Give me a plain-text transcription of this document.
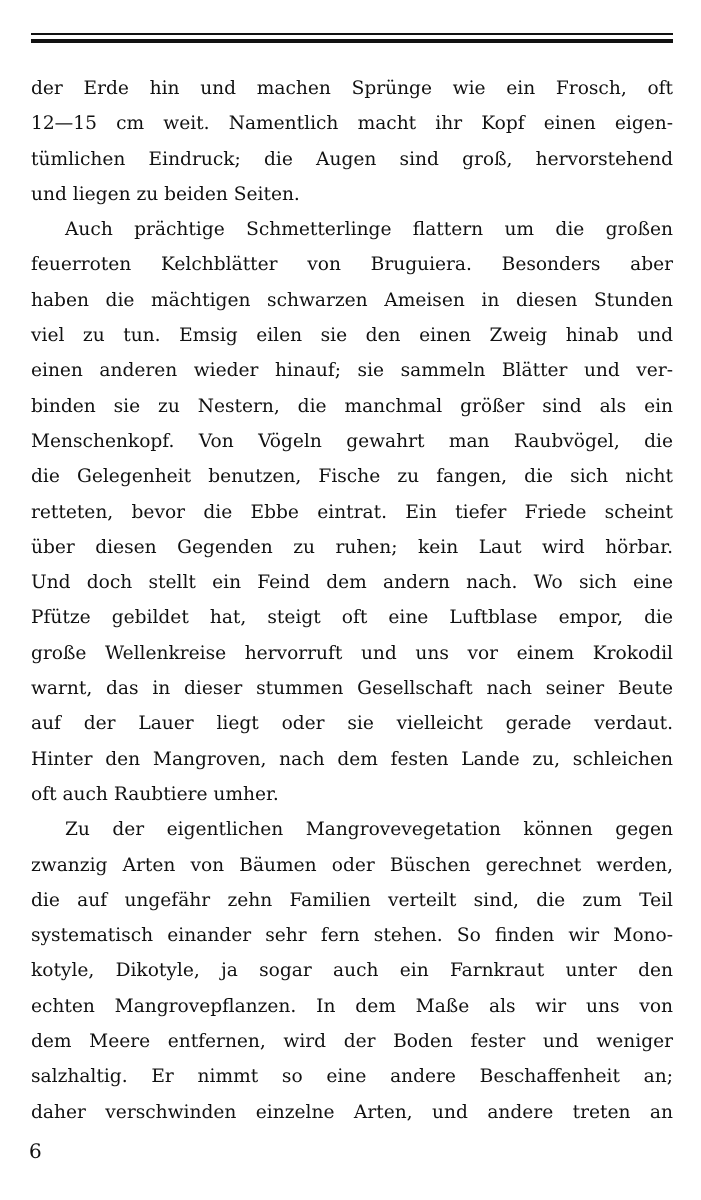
der Erde hin und machen Sprünge wie ein Frosch, oft
12—15 cm weit. Namentlich macht ihr Kopf einen eigen-
tümlichen Eindruck; die Augen sind groß, hervorstehend
und liegen zu beiden Seiten.
Auch prächtige Schmetterlinge flattern um die großen
feuerroten Kelchblätter von Bruguiera. Besonders aber
haben die mächtigen schwarzen Ameisen in diesen Stunden
viel zu tun. Emsig eilen sie den einen Zweig hinab und
einen anderen wieder hinauf; sie sammeln Blätter und ver-
binden sie zu Nestern, die manchmal größer sind als ein
Menschenkopf. Von Vögeln gewahrt man Raubvögel, die
die Gelegenheit benutzen, Fische zu fangen, die sich nicht
retteten, bevor die Ebbe eintrat. Ein tiefer Friede scheint
über diesen Gegenden zu ruhen; kein Laut wird hörbar.
Und doch stellt ein Feind dem andern nach. Wo sich eine
Pfütze gebildet hat, steigt oft eine Luftblase empor, die
große Wellenkreise hervorruft und uns vor einem Krokodil
warnt, das in dieser stummen Gesellschaft nach seiner Beute
auf der Lauer liegt oder sie vielleicht gerade verdaut.
Hinter den Mangroven, nach dem festen Lande zu, schleichen
oft auch Raubtiere umher.
Zu der eigentlichen Mangrovevegetation können gegen
zwanzig Arten von Bäumen oder Büschen gerechnet werden,
die auf ungefähr zehn Familien verteilt sind, die zum Teil
systematisch einander sehr fern stehen. So finden wir Mono-
kotyle, Dikotyle, ja sogar auch ein Farnkraut unter den
echten Mangrovepflanzen. In dem Maße als wir uns von
dem Meere entfernen, wird der Boden fester und weniger
salzhaltig. Er nimmt so eine andere Beschaffenheit an;
daher verschwinden einzelne Arten, und andere treten an
6
